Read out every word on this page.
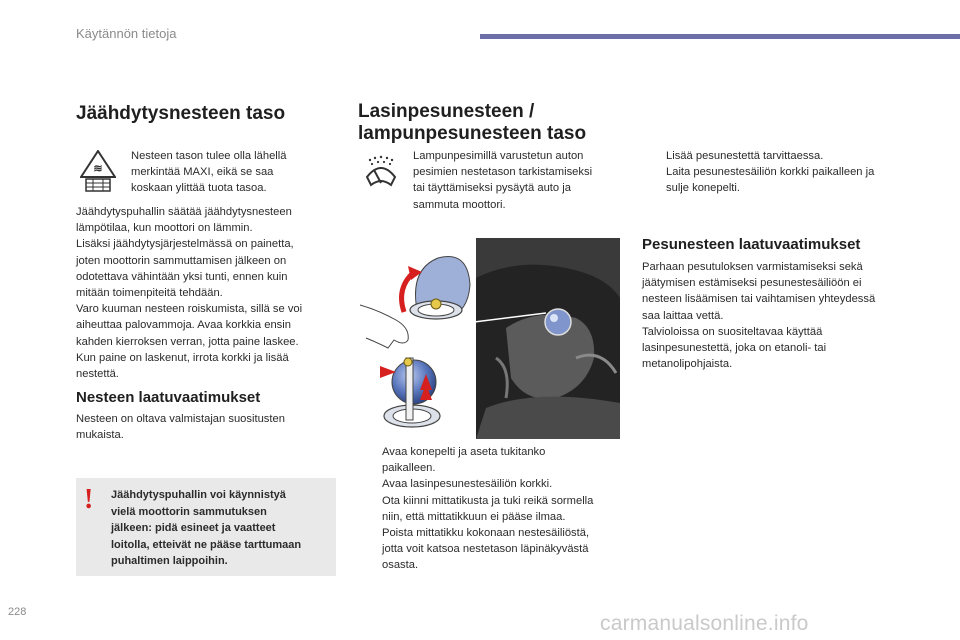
Käytännön tietoja
Jäähdytysnesteen taso
≋
Nesteen tason tulee olla lähellä
merkintää MAXI, eikä se saa
koskaan ylittää tuota tasoa.
Jäähdytyspuhallin säätää jäähdytysnesteen
lämpötilaa, kun moottori on lämmin.
Lisäksi jäähdytysjärjestelmässä on painetta,
joten moottorin sammuttamisen jälkeen on
odotettava vähintään yksi tunti, ennen kuin
mitään toimenpiteitä tehdään.
Varo kuuman nesteen roiskumista, sillä se voi
aiheuttaa palovammoja. Avaa korkkia ensin
kahden kierroksen verran, jotta paine laskee.
Kun paine on laskenut, irrota korkki ja lisää
nestettä.
Nesteen laatuvaatimukset
Nesteen on oltava valmistajan suositusten
mukaista.
! Jäähdytyspuhallin voi käynnistyä
vielä moottorin sammutuksen
jälkeen: pidä esineet ja vaatteet
loitolla, etteivät ne pääse tarttumaan
puhaltimen laippoihin.
Lasinpesunesteen /
lampunpesunesteen taso
Lampunpesimillä varustetun auton
pesimien nestetason tarkistamiseksi
tai täyttämiseksi pysäytä auto ja
sammuta moottori.
Avaa konepelti ja aseta tukitanko
paikalleen.
Avaa lasinpesunestesäiliön korkki.
Ota kiinni mittatikusta ja tuki reikä sormella
niin, että mittatikkuun ei pääse ilmaa.
Poista mittatikku kokonaan nestesäiliöstä,
jotta voit katsoa nestetason läpinäkyvästä
osasta.
Lisää pesunestettä tarvittaessa.
Laita pesunestesäiliön korkki paikalleen ja
sulje konepelti.
Pesunesteen laatuvaatimukset
Parhaan pesutuloksen varmistamiseksi sekä
jäätymisen estämiseksi pesunestesäiliöön ei
nesteen lisäämisen tai vaihtamisen yhteydessä
saa laittaa vettä.
Talvioloissa on suositeltavaa käyttää
lasinpesunestettä, joka on etanoli- tai
metanolipohjaista.
228	carmanualsonline.info
